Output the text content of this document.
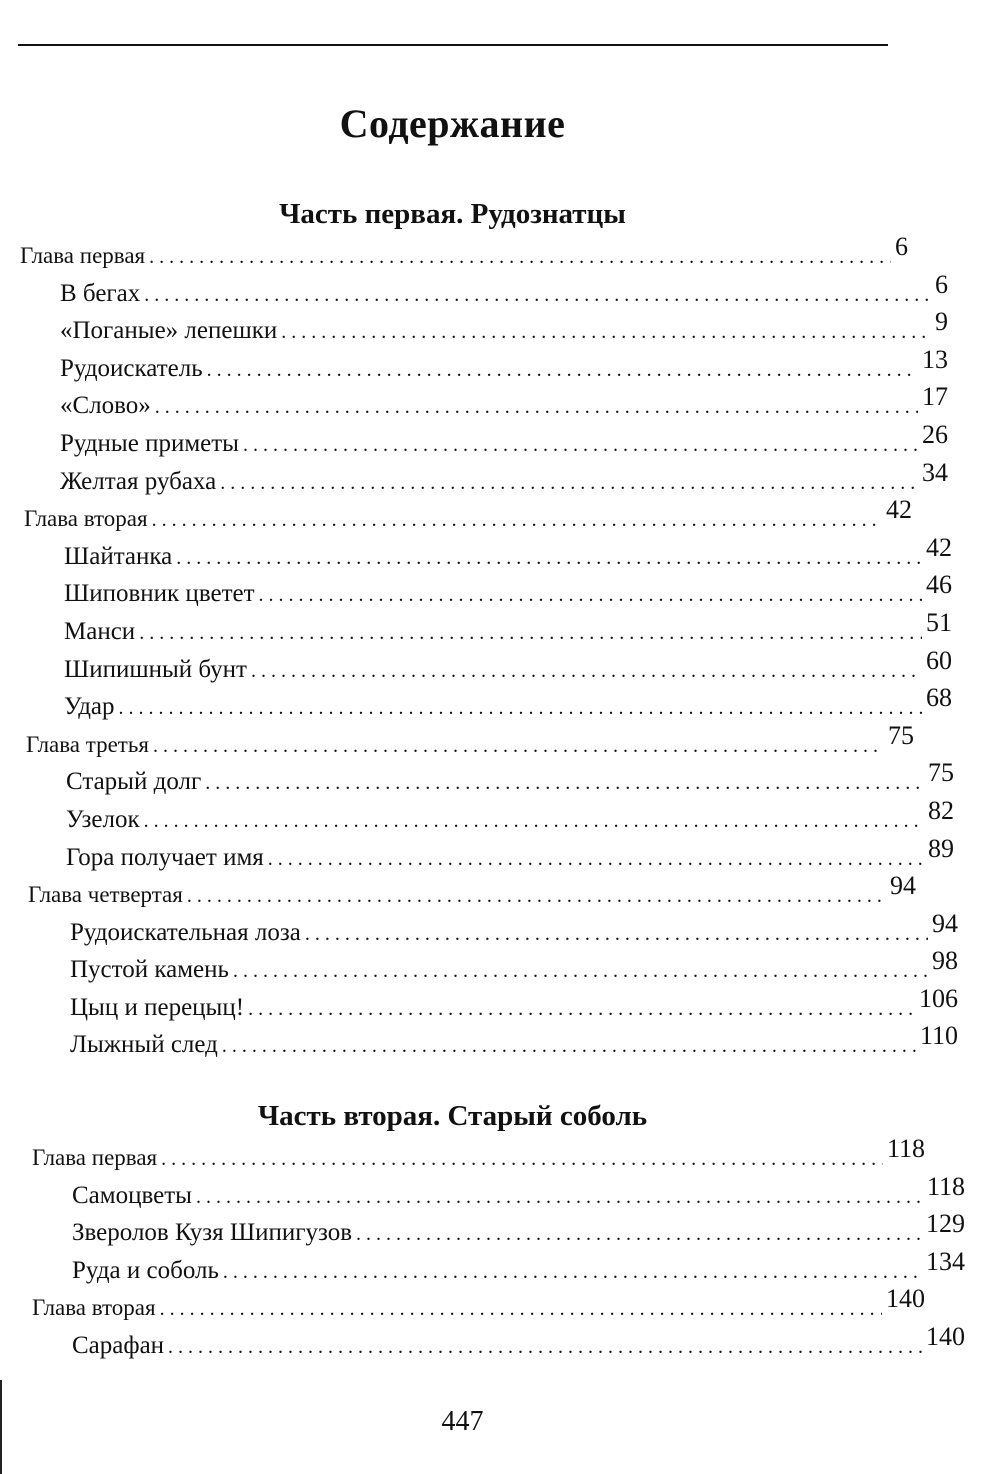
Содержание
Часть первая. Рудознатцы
Глава первая . . .	6
В бегах . . .	6
«Поганые» лепешки . . .	9
Рудоискатель . . .	13
«Слово» . . .	17
Рудные приметы . . .	26
Желтая рубаха . . .	34
Глава вторая . . .	42
Шайтанка . . .	42
Шиповник цветет . . .	46
Манси . . .	51
Шипишный бунт . . .	60
Удар . . .	68
Глава третья . . .	75
Старый долг . . .	75
Узелок . . .	82
Гора получает имя . . .	89
Глава четвертая . . .	94
Рудоискательная лоза . . .	94
Пустой камень . . .	98
Цыц и перецыц! . . .	106
Лыжный след . . .	110
Часть вторая. Старый соболь
Глава первая . . .	118
Самоцветы . . .	118
Зверолов Кузя Шипигузов . . .	129
Руда и соболь . . .	134
Глава вторая . . .	140
Сарафан . . .	140

447
